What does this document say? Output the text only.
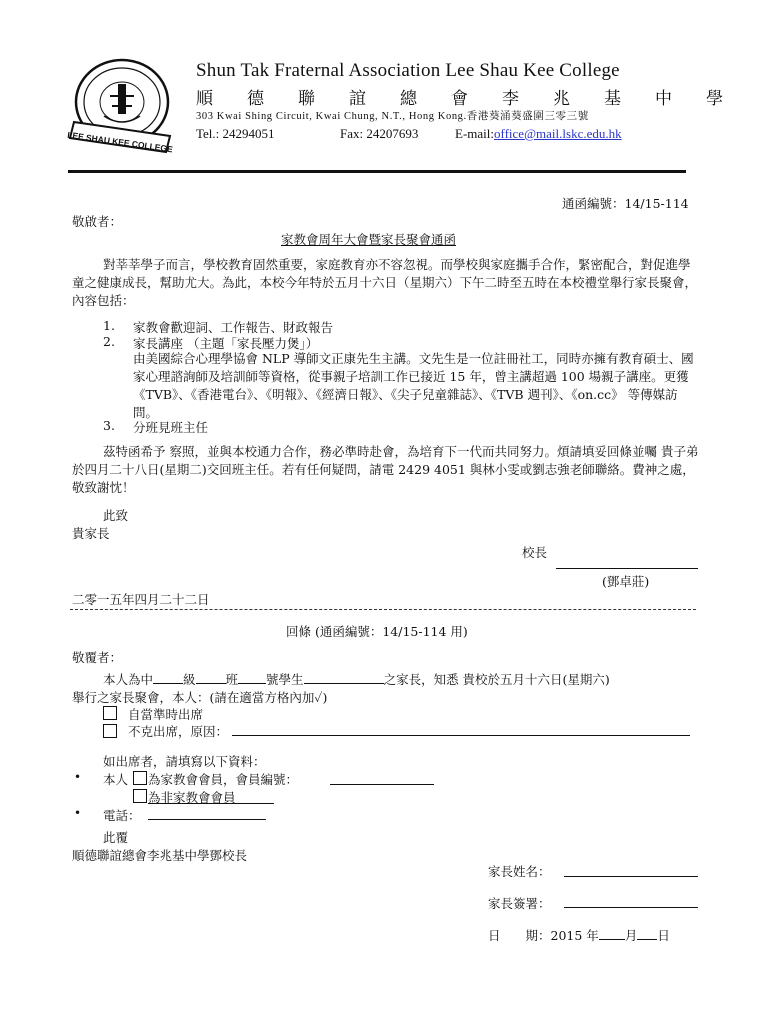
LEE SHAU KEE COLLEGE
Shun Tak Fraternal Association Lee Shau Kee College
順德聯誼總會李兆基中學
303 Kwai Shing Circuit, Kwai Chung, N.T., Hong Kong.香港葵涌葵盛圍三零三號
Tel.: 24294051	Fax: 24207693	E-mail:office@mail.lskc.edu.hk
通函編號：14/15-114
敬啟者：
家教會周年大會暨家長聚會通函
對莘莘學子而言，學校教育固然重要，家庭教育亦不容忽視。而學校與家庭攜手合作，緊密配合，對促進學童之健康成長，幫助尤大。為此，本校今年特於五月十六日（星期六）下午二時至五時在本校禮堂舉行家長聚會，內容包括：
1. 家教會歡迎詞、工作報告、財政報告
2. 家長講座 （主題「家長壓力煲」）
由美國綜合心理學協會 NLP 導師文正康先生主講。文先生是一位註冊社工，同時亦擁有教育碩士、國家心理諮詢師及培訓師等資格，從事親子培訓工作已接近 15 年，曾主講超過 100 場親子講座。更獲《TVB》、《香港電台》、《明報》、《經濟日報》、《尖子兒童雜誌》、《TVB 週刊》、《on.cc》 等傳媒訪問。
3. 分班見班主任
茲特函希予 察照，並與本校通力合作，務必準時赴會，為培育下一代而共同努力。煩請填妥回條並囑 貴子弟於四月二十八日(星期二)交回班主任。若有任何疑問，請電 2429 4051 與林小雯或劉志強老師聯絡。費神之處，敬致謝忱！
此致
貴家長
校長
(鄧卓莊)
二零一五年四月二十二日
回條 (通函編號：14/15-114 用)
敬覆者：
本人為中 級 班 號學生	之家長，知悉 貴校於五月十六日(星期六)
舉行之家長聚會，本人：(請在適當方格內加✓)
自當準時出席
不克出席，原因：
如出席者，請填寫以下資料：
• 本人 為家教會會員，會員編號：
為非家教會會員
• 電話：
此覆
順德聯誼總會李兆基中學鄧校長
家長姓名：
家長簽署：
日　　期：2015 年 月 日
